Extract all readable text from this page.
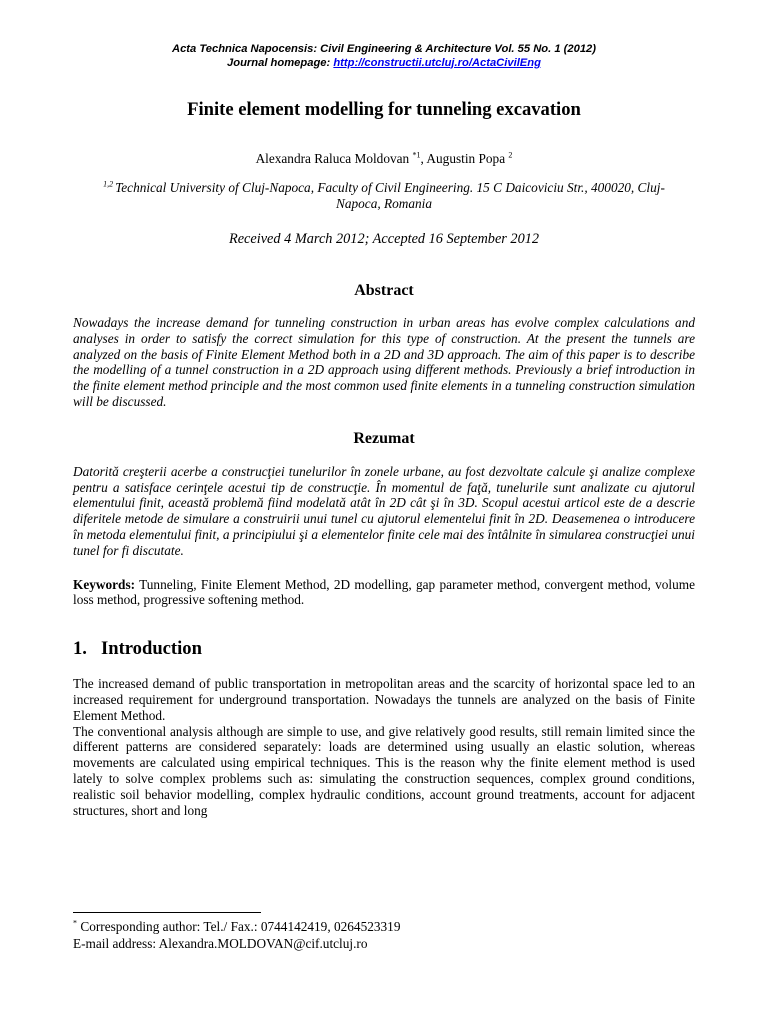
Acta Technica Napocensis: Civil Engineering & Architecture Vol. 55 No. 1 (2012)
Journal homepage: http://constructii.utcluj.ro/ActaCivilEng
Finite element modelling for tunneling excavation
Alexandra Raluca Moldovan $^{*1}$, Augustin Popa $^2$
$^{1,2}$ Technical University of Cluj-Napoca, Faculty of Civil Engineering. 15 C Daicoviciu Str., 400020, Cluj-Napoca, Romania
Received 4 March 2012; Accepted 16 September 2012
Abstract
Nowadays the increase demand for tunneling construction in urban areas has evolve complex calculations and analyses in order to satisfy the correct simulation for this type of construction. At the present the tunnels are analyzed on the basis of Finite Element Method both in a 2D and 3D approach. The aim of this paper is to describe the modelling of a tunnel construction in a 2D approach using different methods. Previously a brief introduction in the finite element method principle and the most common used finite elements in a tunneling construction simulation will be discussed.
Rezumat
Datorită creşterii acerbe a construcţiei tunelurilor în zonele urbane, au fost dezvoltate calcule şi analize complexe pentru a satisface cerinţele acestui tip de construcţie. În momentul de faţă, tunelurile sunt analizate cu ajutorul elementului finit, această problemă fiind modelată atât în 2D cât şi în 3D. Scopul acestui articol este de a descrie diferitele metode de simulare a construirii unui tunel cu ajutorul elementelui finit în 2D. Deasemenea o introducere în metoda elementului finit, a principiului şi a elementelor finite cele mai des întâlnite în simularea construcţiei unui tunel for fi discutate.
Keywords: Tunneling, Finite Element Method, 2D modelling, gap parameter method, convergent method, volume loss method, progressive softening method.
1. Introduction

The increased demand of public transportation in metropolitan areas and the scarcity of horizontal space led to an increased requirement for underground transportation. Nowadays the tunnels are analyzed on the basis of Finite Element Method.

The conventional analysis although are simple to use, and give relatively good results, still remain limited since the different patterns are considered separately: loads are determined using usually an elastic solution, whereas movements are calculated using empirical techniques. This is the reason why the finite element method is used lately to solve complex problems such as: simulating the construction sequences, complex ground conditions, realistic soil behavior modelling, complex hydraulic conditions, account ground treatments, account for adjacent structures, short and long

* Corresponding author: Tel./ Fax.: 0744142419, 0264523319
E-mail address: Alexandra.MOLDOVAN@cif.utcluj.ro
